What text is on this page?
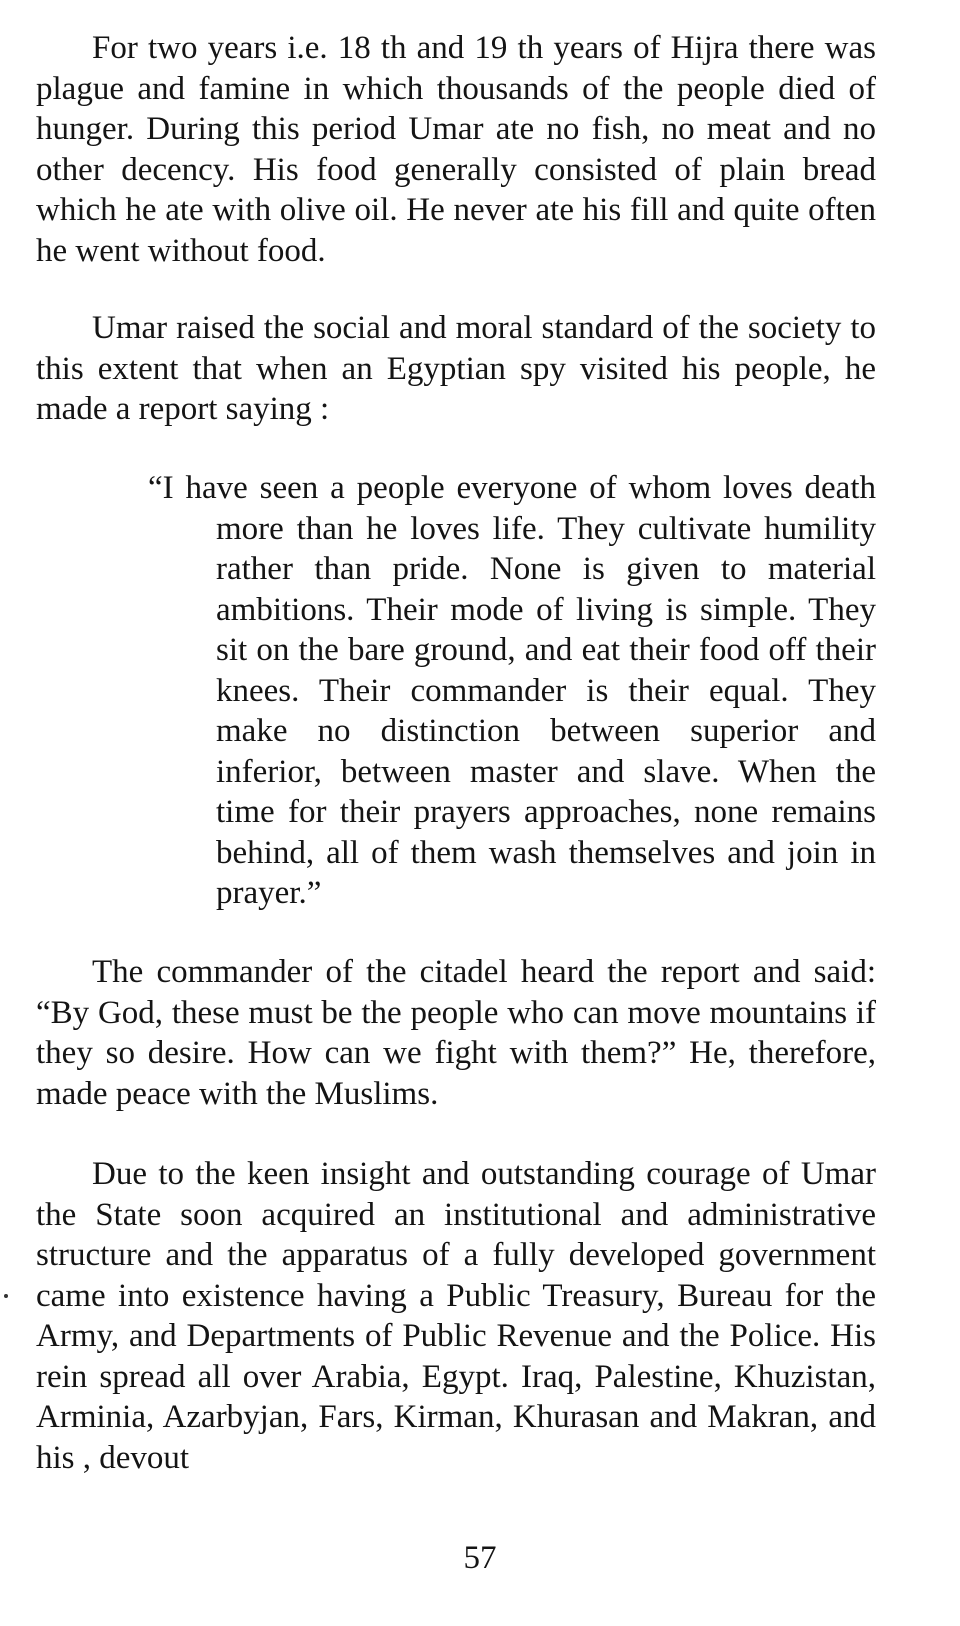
For two years i.e. 18 th and 19 th years of Hijra there was plague and famine in which thousands of the people died of hunger. During this period Umar ate no fish, no meat and no other decency. His food generally consisted of plain bread which he ate with olive oil. He never ate his fill and quite often he went without food.

Umar raised the social and moral standard of the society to this extent that when an Egyptian spy visited his people, he made a report saying :

“I have seen a people everyone of whom loves death more than he loves life. They cultivate humility rather than pride. None is given to material ambitions. Their mode of living is simple. They sit on the bare ground, and eat their food off their knees. Their commander is their equal. They make no distinction between superior and inferior, between master and slave. When the time for their prayers approaches, none remains behind, all of them wash themselves and join in prayer.”

The commander of the citadel heard the report and said: “By God, these must be the people who can move mountains if they so desire. How can we fight with them?” He, therefore, made peace with the Muslims.

Due to the keen insight and outstanding courage of Umar the State soon acquired an institutional and administrative structure and the apparatus of a fully developed government came into existence having a Public Treasury, Bureau for the Army, and Departments of Public Revenue and the Police. His rein spread all over Arabia, Egypt. Iraq, Palestine, Khuzistan, Arminia, Azarbyjan, Fars, Kirman, Khurasan and Makran, and his , devout

57
